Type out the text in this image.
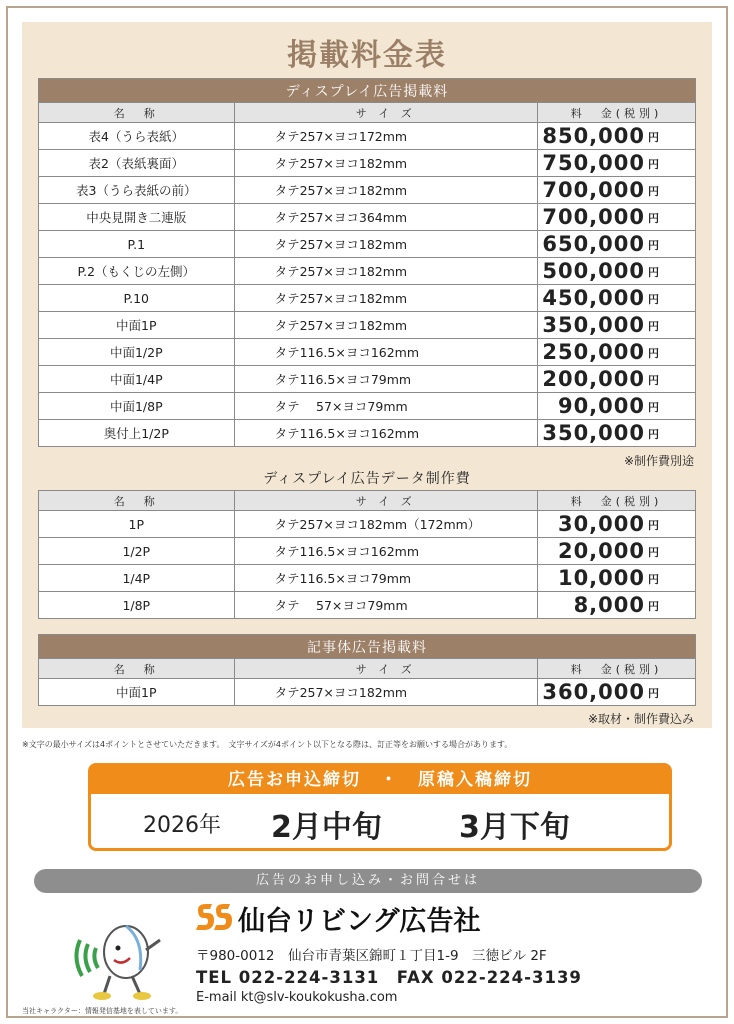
掲載料金表
ディスプレイ広告掲載料		
名　称	サ イ ズ	料　金(税別)
表4（うら表紙）	タテ257×ヨコ172mm	850,000 円

表2（表紙裏面）	タテ257×ヨコ182mm	750,000 円

表3（うら表紙の前）	タテ257×ヨコ182mm	700,000 円

中央見開き二連版	タテ257×ヨコ364mm	700,000 円

P.1	タテ257×ヨコ182mm	650,000 円

P.2（もくじの左側）	タテ257×ヨコ182mm	500,000 円

P.10	タテ257×ヨコ182mm	450,000 円

中面1P	タテ257×ヨコ182mm	350,000 円

中面1/2P	タテ116.5×ヨコ162mm	250,000 円

中面1/4P	タテ116.5×ヨコ79mm	200,000 円

中面1/8P	タテ　 57×ヨコ79mm	90,000 円

奥付上1/2P	タテ116.5×ヨコ162mm	350,000 円
※制作費別途
ディスプレイ広告データ制作費
名　称	サ イ ズ	料　金(税別)
1P	タテ257×ヨコ182mm（172mm）	30,000 円

1/2P	タテ116.5×ヨコ162mm	20,000 円

1/4P	タテ116.5×ヨコ79mm	10,000 円

1/8P	タテ　 57×ヨコ79mm	8,000 円
記事体広告掲載料		
名　称	サ イ ズ	料　金(税別)
中面1P	タテ257×ヨコ182mm	360,000 円
※取材・制作費込み
※文字の最小サイズは4ポイントとさせていただきます。　文字サイズが4ポイント以下となる際は、訂正等をお願いする場合があります。
広告お申込締切　・　原稿入稿締切
2026年 2月中旬	3月下旬
広告のお申し込み・お問合せは
仙台リビング広告社
〒980-0012　仙台市青葉区錦町１丁目1-9　三徳ビル 2F
TEL 022-224-3131　FAX 022-224-3139
E-mail kt@slv-koukokusha.com
当社キャラクター：情報発信基地を表しています。
